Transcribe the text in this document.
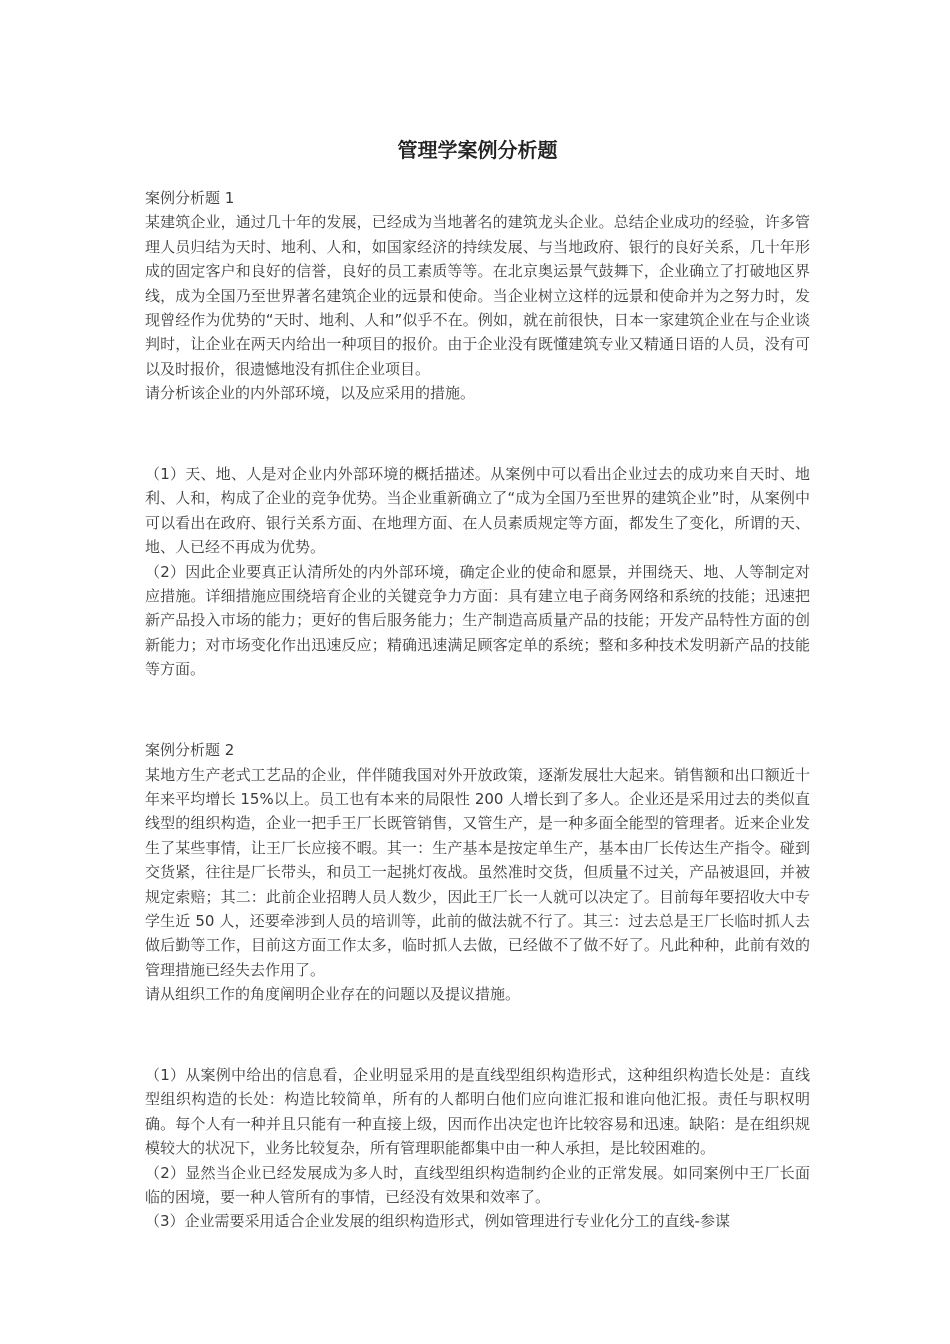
管理学案例分析题

案例分析题 1

某建筑企业，通过几十年的发展，已经成为当地著名的建筑龙头企业。总结企业成功的经验，许多管理人员归结为天时、地利、人和，如国家经济的持续发展、与当地政府、银行的良好关系，几十年形成的固定客户和良好的信誉，良好的员工素质等等。在北京奥运景气鼓舞下，企业确立了打破地区界线，成为全国乃至世界著名建筑企业的远景和使命。当企业树立这样的远景和使命并为之努力时，发现曾经作为优势的“天时、地利、人和”似乎不在。例如，就在前很快，日本一家建筑企业在与企业谈判时，让企业在两天内给出一种项目的报价。由于企业没有既懂建筑专业又精通日语的人员，没有可以及时报价，很遗憾地没有抓住企业项目。

请分析该企业的内外部环境，以及应采用的措施。

（1）天、地、人是对企业内外部环境的概括描述。从案例中可以看出企业过去的成功来自天时、地利、人和，构成了企业的竞争优势。当企业重新确立了“成为全国乃至世界的建筑企业”时，从案例中可以看出在政府、银行关系方面、在地理方面、在人员素质规定等方面，都发生了变化，所谓的天、地、人已经不再成为优势。

（2）因此企业要真正认清所处的内外部环境，确定企业的使命和愿景，并围绕天、地、人等制定对应措施。详细措施应围绕培育企业的关键竞争力方面：具有建立电子商务网络和系统的技能；迅速把新产品投入市场的能力；更好的售后服务能力；生产制造高质量产品的技能；开发产品特性方面的创新能力；对市场变化作出迅速反应；精确迅速满足顾客定单的系统；整和多种技术发明新产品的技能等方面。

案例分析题 2

某地方生产老式工艺品的企业，伴伴随我国对外开放政策，逐渐发展壮大起来。销售额和出口额近十年来平均增长 15%以上。员工也有本来的局限性 200 人增长到了多人。企业还是采用过去的类似直线型的组织构造，企业一把手王厂长既管销售，又管生产，是一种多面全能型的管理者。近来企业发生了某些事情，让王厂长应接不暇。其一：生产基本是按定单生产，基本由厂长传达生产指令。碰到交货紧，往往是厂长带头，和员工一起挑灯夜战。虽然准时交货，但质量不过关，产品被退回，并被规定索赔；其二：此前企业招聘人员人数少，因此王厂长一人就可以决定了。目前每年要招收大中专学生近 50 人，还要牵涉到人员的培训等，此前的做法就不行了。其三：过去总是王厂长临时抓人去做后勤等工作，目前这方面工作太多，临时抓人去做，已经做不了做不好了。凡此种种，此前有效的管理措施已经失去作用了。

请从组织工作的角度阐明企业存在的问题以及提议措施。

（1）从案例中给出的信息看，企业明显采用的是直线型组织构造形式，这种组织构造长处是：直线型组织构造的长处：构造比较简单，所有的人都明白他们应向谁汇报和谁向他汇报。责任与职权明确。每个人有一种并且只能有一种直接上级，因而作出决定也许比较容易和迅速。缺陷：是在组织规模较大的状况下，业务比较复杂，所有管理职能都集中由一种人承担，是比较困难的。

（2）显然当企业已经发展成为多人时，直线型组织构造制约企业的正常发展。如同案例中王厂长面临的困境，要一种人管所有的事情，已经没有效果和效率了。

（3）企业需要采用适合企业发展的组织构造形式，例如管理进行专业化分工的直线-参谋
